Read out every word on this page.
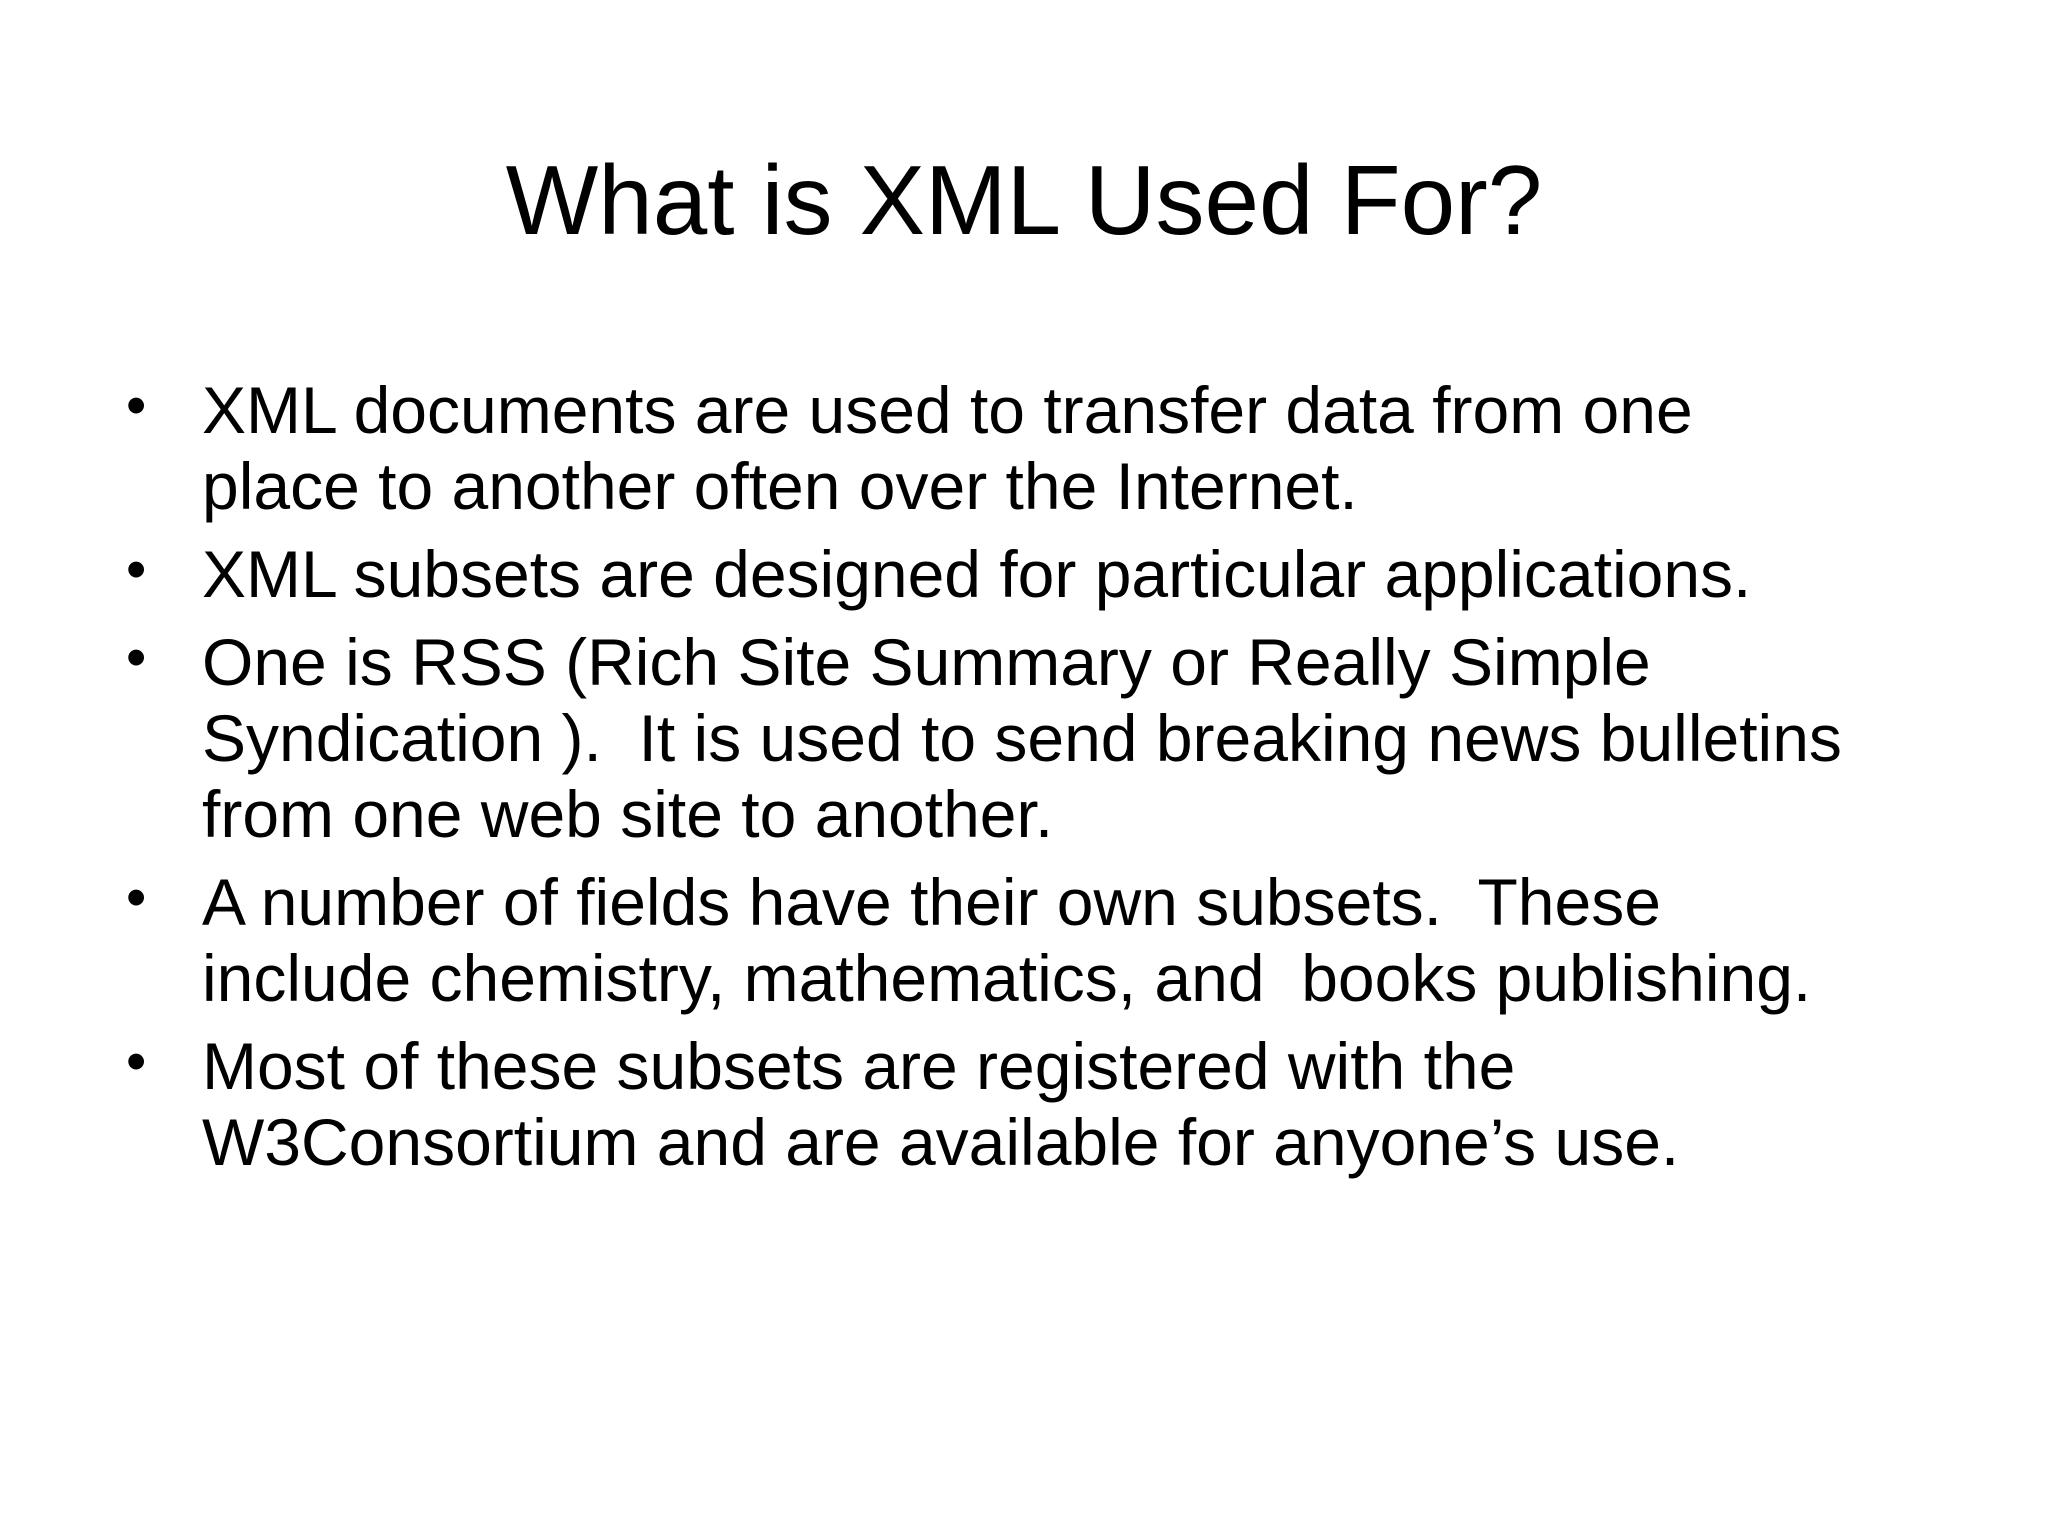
What is XML Used For?
• XML documents are used to transfer data from one
place to another often over the Internet.
• XML subsets are designed for particular applications.
• One is RSS (Rich Site Summary or Really Simple
Syndication ).  It is used to send breaking news bulletins
from one web site to another.
• A number of fields have their own subsets.  These
include chemistry, mathematics, and  books publishing.
• Most of these subsets are registered with the
W3Consortium and are available for anyone’s use.
